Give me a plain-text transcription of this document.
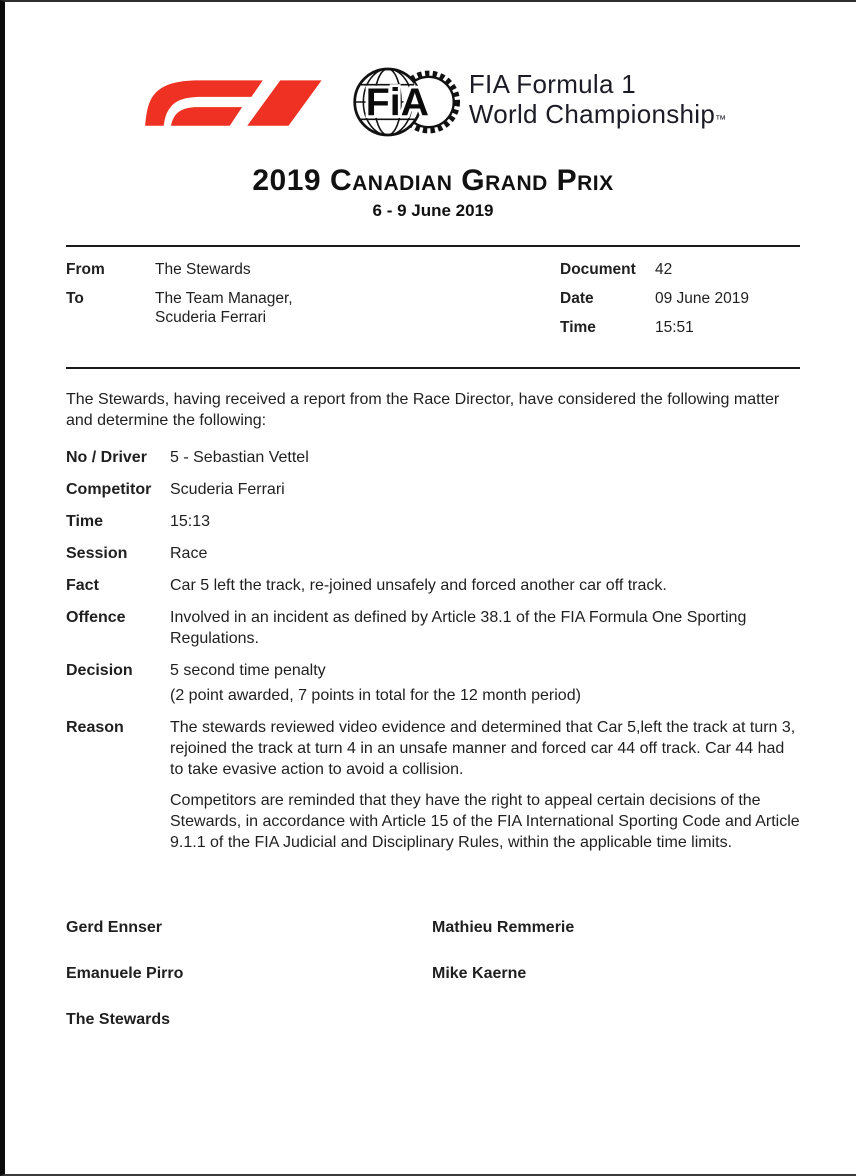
FiA FIA Formula 1
World Championship™
2019 Canadian Grand Prix
6 - 9 June 2019
From	The Stewards
To	The Team Manager,
Scuderia Ferrari
Document	42
Date	09 June 2019
Time	15:51

The Stewards, having received a report from the Race Director, have considered the following matter and determine the following:

No / Driver	5 - Sebastian Vettel
Competitor	Scuderia Ferrari
Time	15:13
Session	Race
Fact	Car 5 left the track, re-joined unsafely and forced another car off track.
Offence	Involved in an incident as defined by Article 38.1 of the FIA Formula One Sporting Regulations.
Decision	5 second time penalty
(2 point awarded, 7 points in total for the 12 month period)
Reason	The stewards reviewed video evidence and determined that Car 5,left the track at turn 3, rejoined the track at turn 4 in an unsafe manner and forced car 44 off track. Car 44 had to take evasive action to avoid a collision.

Competitors are reminded that they have the right to appeal certain decisions of the Stewards, in accordance with Article 15 of the FIA International Sporting Code and Article 9.1.1 of the FIA Judicial and Disciplinary Rules, within the applicable time limits.

Gerd Ennser	Mathieu Remmerie
Emanuele Pirro	Mike Kaerne
The Stewards
